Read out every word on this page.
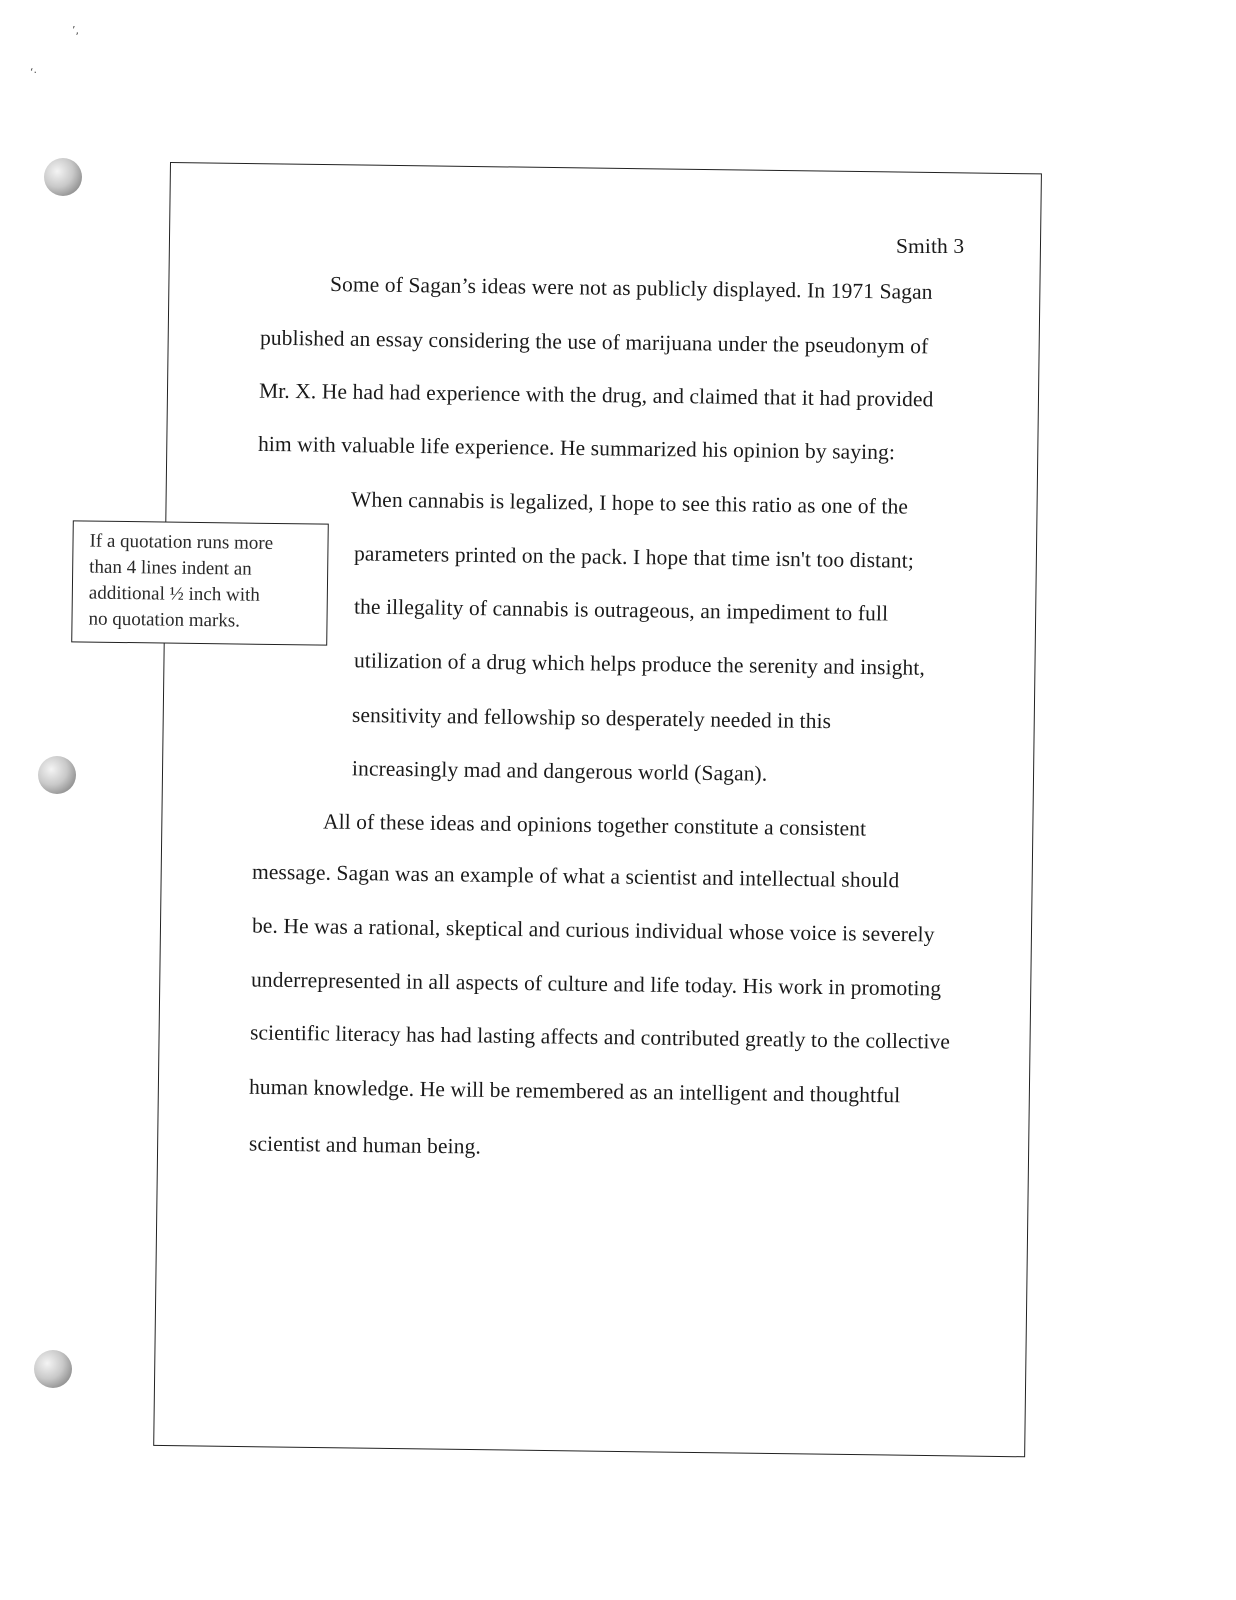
’,
‘·
Smith 3
Some of Sagan’s ideas were not as publicly displayed. In 1971 Sagan
published an essay considering the use of marijuana under the pseudonym of
Mr. X. He had had experience with the drug, and claimed that it had provided
him with valuable life experience. He summarized his opinion by saying:
When cannabis is legalized, I hope to see this ratio as one of the
parameters printed on the pack. I hope that time isn't too distant;
the illegality of cannabis is outrageous, an impediment to full
utilization of a drug which helps produce the serenity and insight,
sensitivity and fellowship so desperately needed in this
increasingly mad and dangerous world (Sagan).
All of these ideas and opinions together constitute a consistent
message. Sagan was an example of what a scientist and intellectual should
be. He was a rational, skeptical and curious individual whose voice is severely
underrepresented in all aspects of culture and life today. His work in promoting
scientific literacy has had lasting affects and contributed greatly to the collective
human knowledge. He will be remembered as an intelligent and thoughtful
scientist and human being.
If a quotation runs more
than 4 lines indent an
additional ½ inch with
no quotation marks.
